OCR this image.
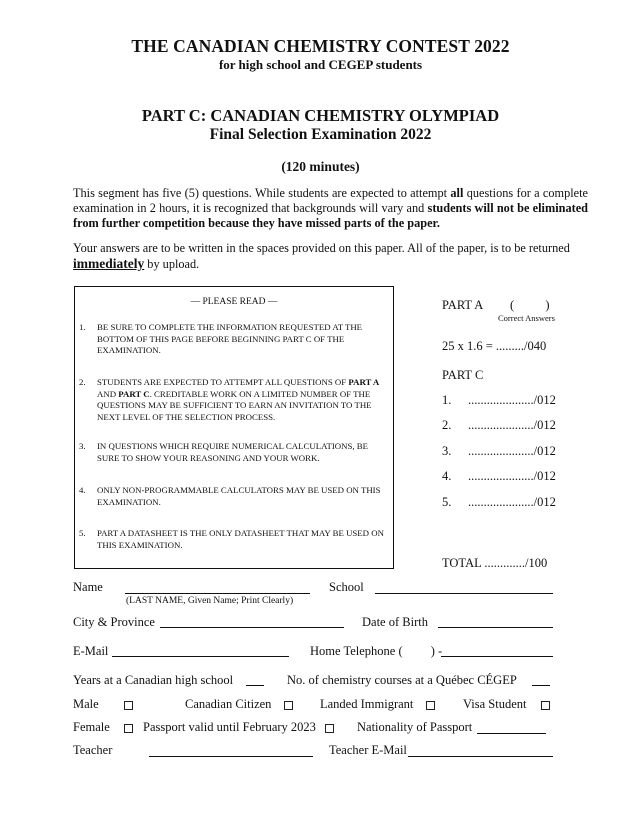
THE CANADIAN CHEMISTRY CONTEST 2022
for high school and CEGEP students
PART C: CANADIAN CHEMISTRY OLYMPIAD
Final Selection Examination 2022
(120 minutes)
This segment has five (5) questions. While students are expected to attempt all questions for a complete examination in 2 hours, it is recognized that backgrounds will vary and students will not be eliminated from further competition because they have missed parts of the paper.
Your answers are to be written in the spaces provided on this paper. All of the paper, is to be returned immediately by upload.
— PLEASE READ —
1. BE SURE TO COMPLETE THE INFORMATION REQUESTED AT THE BOTTOM OF THIS PAGE BEFORE BEGINNING PART C OF THE EXAMINATION.
2. STUDENTS ARE EXPECTED TO ATTEMPT ALL QUESTIONS OF PART A AND PART C. CREDITABLE WORK ON A LIMITED NUMBER OF THE QUESTIONS MAY BE SUFFICIENT TO EARN AN INVITATION TO THE NEXT LEVEL OF THE SELECTION PROCESS.
3. IN QUESTIONS WHICH REQUIRE NUMERICAL CALCULATIONS, BE SURE TO SHOW YOUR REASONING AND YOUR WORK.
4. ONLY NON-PROGRAMMABLE CALCULATORS MAY BE USED ON THIS EXAMINATION.
5. PART A DATASHEET IS THE ONLY DATASHEET THAT MAY BE USED ON THIS EXAMINATION.
PART A (          )
Correct Answers
25 x 1.6 = ........./040
PART C
1. ...................../012
2. ...................../012
3. ...................../012
4. ...................../012
5. ...................../012
TOTAL ............./100
Name
(LAST NAME, Given Name; Print Clearly)
School
City & Province	Date of Birth
E-Mail	Home Telephone (         ) -
Years at a Canadian high school	No. of chemistry courses at a Québec CÉGEP
Male	Canadian Citizen	Landed Immigrant	Visa Student
Female	Passport valid until February 2023	Nationality of Passport
Teacher	Teacher E-Mail
